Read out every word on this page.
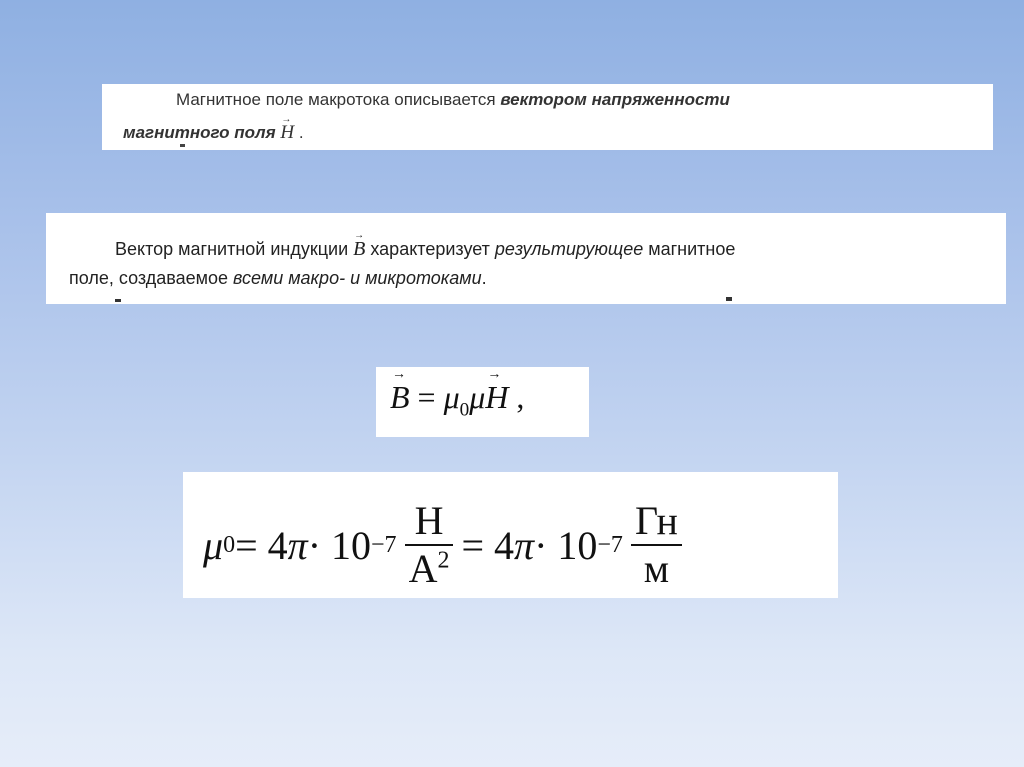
Магнитное поле макротока описывается вектором напряженности
магнитного поля
→
H .
Вектор магнитной индукции
→
B характеризует результирующее магнитное
поле, создаваемое всеми макро- и микротоками.
→
$B = \mu_0\mu$
→
H ,
μ 0 = 4 $\pi \cdot 10 -7 \frac{Н}{А^2} = 4$ $\pi \cdot 10 -7 \frac{Гн}{м}$
